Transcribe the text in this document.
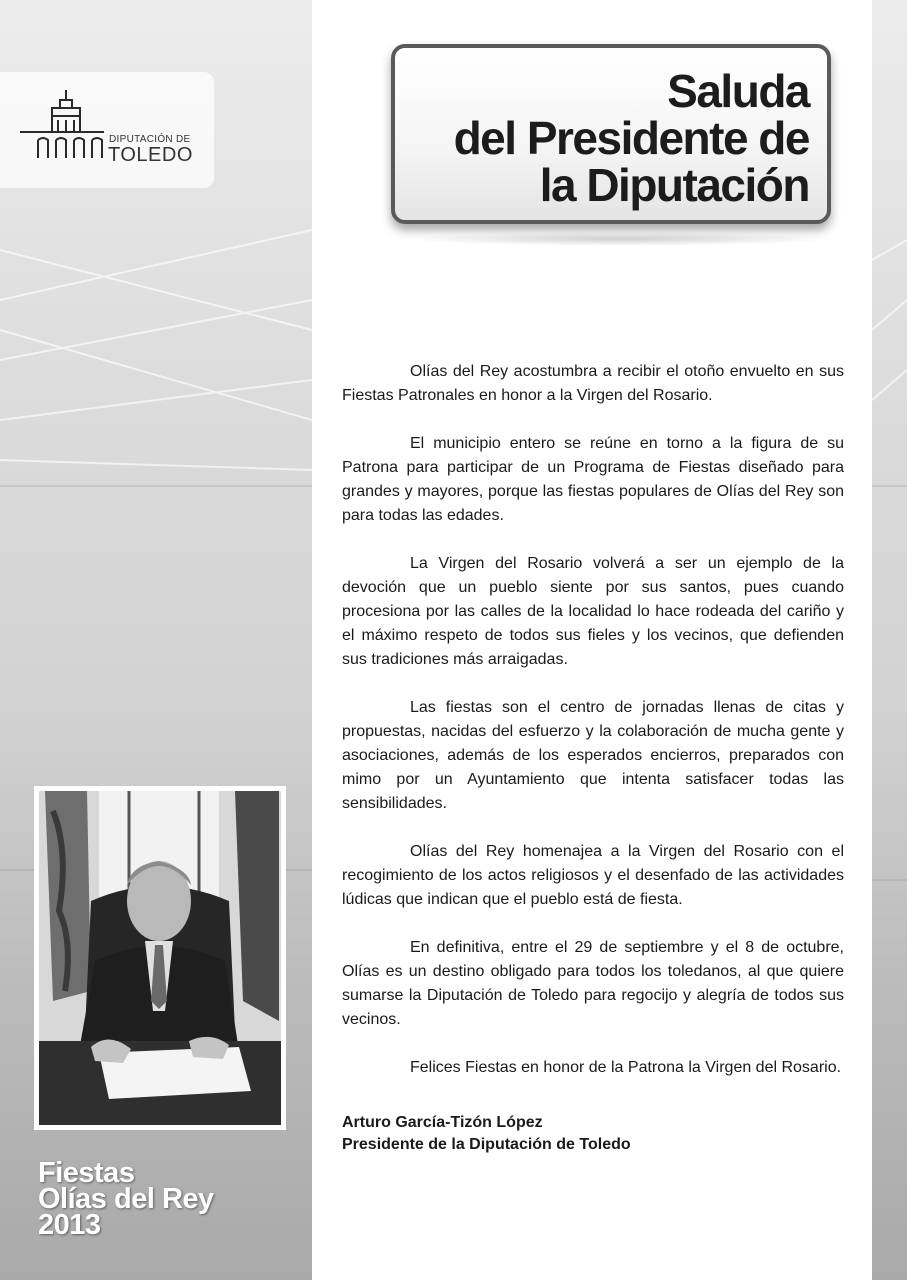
DIPUTACIÓN DE
TOLEDO
Saluda
del Presidente de
la Diputación

Olías del Rey acostumbra a recibir el otoño envuelto en sus Fiestas Patronales en honor a la Virgen del Rosario.

El municipio entero se reúne en torno a la figura de su Patrona para participar de un Programa de Fiestas diseñado para grandes y mayores, porque las fiestas populares de Olías del Rey son para todas las edades.

La Virgen del Rosario volverá a ser un ejemplo de la devoción que un pueblo siente por sus santos, pues cuando procesiona por las calles de la localidad lo hace rodeada del cariño y el máximo respeto de todos sus fieles y los vecinos, que defienden sus tradiciones más arraigadas.

Las fiestas son el centro de jornadas llenas de citas y propuestas, nacidas del esfuerzo y la colaboración de mucha gente y asociaciones, además de los esperados encierros, preparados con mimo por un Ayuntamiento que intenta satisfacer todas las sensibilidades.

Olías del Rey homenajea a la Virgen del Rosario con el recogimiento de los actos religiosos y el desenfado de las actividades lúdicas que indican que el pueblo está de fiesta.

En definitiva, entre el 29 de septiembre y el 8 de octubre, Olías es un destino obligado para todos los toledanos, al que quiere sumarse la Diputación de Toledo para regocijo y alegría de todos sus vecinos.

Felices Fiestas en honor de la Patrona la Virgen del Rosario.

Arturo García-Tizón López
Presidente de la Diputación de Toledo
Fiestas
Olías del Rey
2013
